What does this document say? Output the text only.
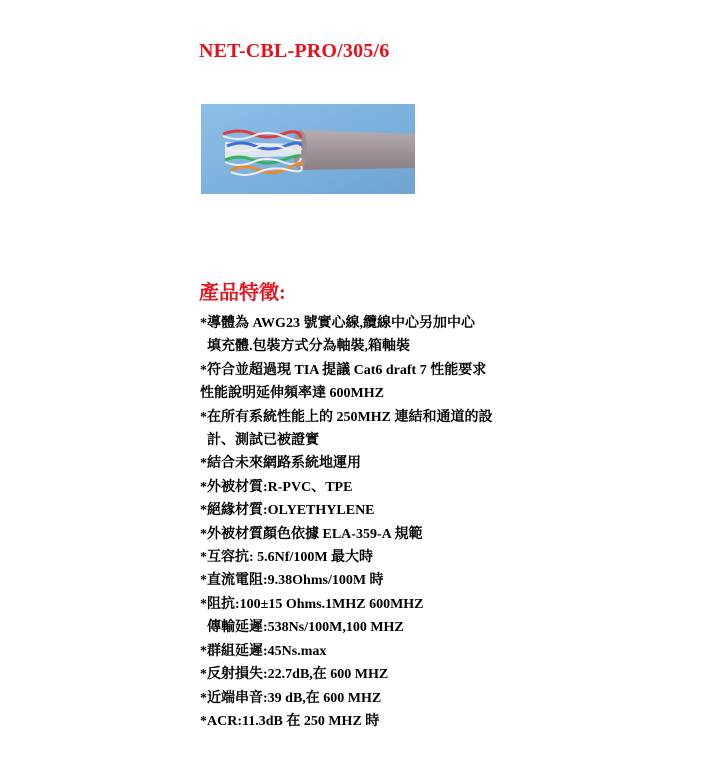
NET-CBL-PRO/305/6
產品特徵:
*導體為 AWG23 號實心線,纜線中心另加中心
填充體.包裝方式分為軸裝,箱軸裝
*符合並超過現 TIA 提議 Cat6 draft 7 性能要求
性能說明延伸頻率達 600MHZ
*在所有系統性能上的 250MHZ 連結和通道的設
計、測試已被證實
*結合未來網路系統地運用
*外被材質:R-PVC、TPE
*絕緣材質:OLYETHYLENE
*外被材質顏色依據 ELA-359-A 規範
*互容抗: 5.6Nf/100M 最大時
*直流電阻:9.38Ohms/100M 時
*阻抗:100±15 Ohms.1MHZ 600MHZ
傳輸延遲:538Ns/100M,100 MHZ
*群組延遲:45Ns.max
*反射損失:22.7dB,在 600 MHZ
*近端串音:39 dB,在 600 MHZ
*ACR:11.3dB 在 250 MHZ 時
